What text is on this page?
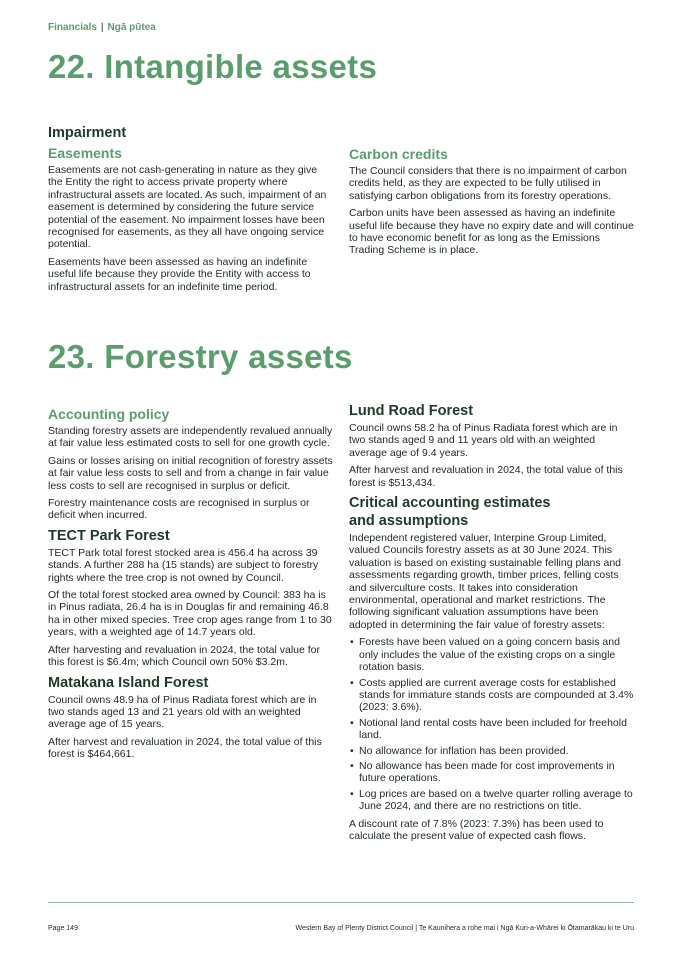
Financials | Ngā pūtea
22. Intangible assets
Impairment
Easements

Easements are not cash-generating in nature as they give the Entity the right to access private property where infrastructural assets are located. As such, impairment of an easement is determined by considering the future service potential of the easement. No impairment losses have been recognised for easements, as they all have ongoing service potential.

Easements have been assessed as having an indefinite useful life because they provide the Entity with access to infrastructural assets for an indefinite time period.

Carbon credits

The Council considers that there is no impairment of carbon credits held, as they are expected to be fully utilised in satisfying carbon obligations from its forestry operations.

Carbon units have been assessed as having an indefinite useful life because they have no expiry date and will continue to have economic benefit for as long as the Emissions Trading Scheme is in place.

23. Forestry assets
Accounting policy

Standing forestry assets are independently revalued annually at fair value less estimated costs to sell for one growth cycle.

Gains or losses arising on initial recognition of forestry assets at fair value less costs to sell and from a change in fair value less costs to sell are recognised in surplus or deficit.

Forestry maintenance costs are recognised in surplus or deficit when incurred.

TECT Park Forest

TECT Park total forest stocked area is 456.4 ha across 39 stands. A further 288 ha (15 stands) are subject to forestry rights where the tree crop is not owned by Council.

Of the total forest stocked area owned by Council: 383 ha is in Pinus radiata, 26.4 ha is in Douglas fir and remaining 46.8 ha in other mixed species. Tree crop ages range from 1 to 30 years, with a weighted age of 14.7 years old.

After harvesting and revaluation in 2024, the total value for this forest is $6.4m; which Council own 50% $3.2m.

Matakana Island Forest

Council owns 48.9 ha of Pinus Radiata forest which are in two stands aged 13 and 21 years old with an weighted average age of 15 years.

After harvest and revaluation in 2024, the total value of this forest is $464,661.

Lund Road Forest

Council owns 58.2 ha of Pinus Radiata forest which are in two stands aged 9 and 11 years old with an weighted average age of 9.4 years.

After harvest and revaluation in 2024, the total value of this forest is $513,434.

Critical accounting estimates
and assumptions

Independent registered valuer, Interpine Group Limited, valued Councils forestry assets as at 30 June 2024. This valuation is based on existing sustainable felling plans and assessments regarding growth, timber prices, felling costs and silverculture costs. It takes into consideration environmental, operational and market restrictions. The following significant valuation assumptions have been adopted in determining the fair value of forestry assets:

• Forests have been valued on a going concern basis and only includes the value of the existing crops on a single rotation basis.
• Costs applied are current average costs for established stands for immature stands costs are compounded at 3.4% (2023: 3.6%).
• Notional land rental costs have been included for freehold land.
• No allowance for inflation has been provided.
• No allowance has been made for cost improvements in future operations.
• Log prices are based on a twelve quarter rolling average to June 2024, and there are no restrictions on title.

A discount rate of 7.8% (2023: 7.3%) has been used to calculate the present value of expected cash flows.

Page 149	Western Bay of Plenty District Council | Te Kaunihera a rohe mai i Ngā Kuri-a-Whārei ki Ōtamarākau ki te Uru
